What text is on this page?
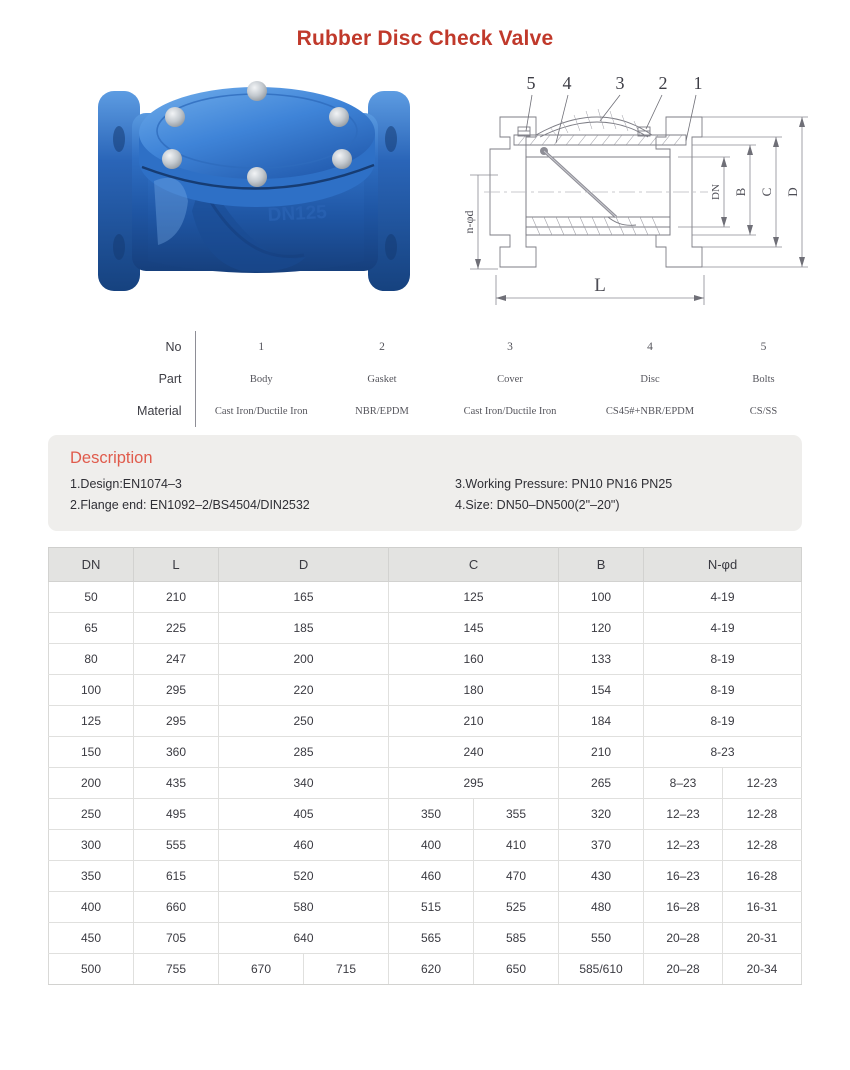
Rubber Disc Check Valve
DN125
L
DN B C D
n-φd
5 4 3 2 1
No	1	2	3	4	5
Part	Body	Gasket	Cover	Disc	Bolts
Material	Cast Iron/Ductile Iron	NBR/EPDM	Cast Iron/Ductile Iron	CS45#+NBR/EPDM	CS/SS
Description
1.Design:EN1074–3	3.Working Pressure: PN10 PN16 PN25
2.Flange end: EN1092–2/BS4504/DIN2532	4.Size: DN50–DN500(2"–20")
DN	L	D		C		B	N-φd	
50	210	165		125		100	4-19	
65	225	185		145		120	4-19	
80	247	200		160		133	8-19	
100	295	220		180		154	8-19	
125	295	250		210		184	8-19	
150	360	285		240		210	8-23	
200	435	340		295		265	8–23	12-23
250	495	405		350	355	320	12–23	12-28
300	555	460		400	410	370	12–23	12-28
350	615	520		460	470	430	16–23	16-28
400	660	580		515	525	480	16–28	16-31
450	705	640		565	585	550	20–28	20-31
500	755	670	715	620	650	585/610	20–28	20-34
